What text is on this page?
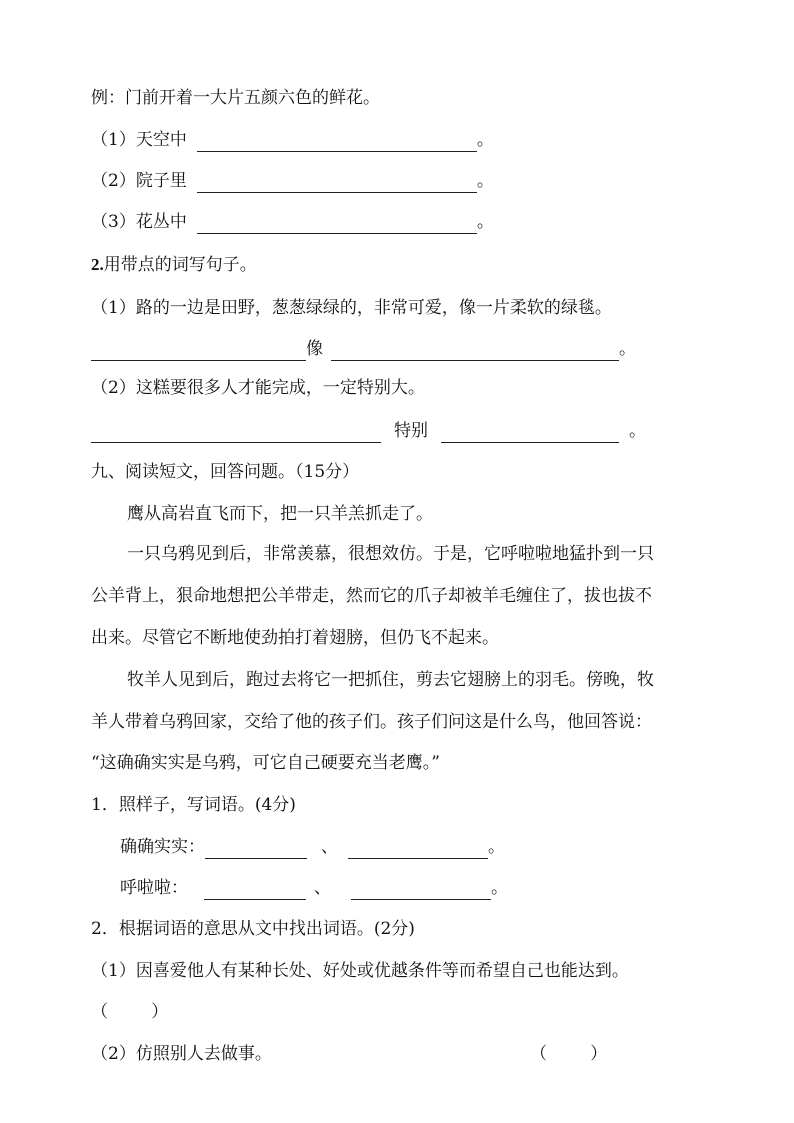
例：门前开着一大片五颜六色的鲜花。
（1）天空中	。
（2）院子里	。
（3）花丛中	。
2.用带点的词写句子。
（1）路的一边是田野，葱葱绿绿的，非常可爱，像一片柔软的绿毯。
像	。
（2）这糕要很多人才能完成，一定特别大。
特别	。
九、阅读短文，回答问题。（15分）
鹰从高岩直飞而下，把一只羊羔抓走了。
一只乌鸦见到后，非常羡慕，很想效仿。于是，它呼啦啦地猛扑到一只
公羊背上，狠命地想把公羊带走，然而它的爪子却被羊毛缠住了，拔也拔不
出来。尽管它不断地使劲拍打着翅膀，但仍飞不起来。
牧羊人见到后，跑过去将它一把抓住，剪去它翅膀上的羽毛。傍晚，牧
羊人带着乌鸦回家，交给了他的孩子们。孩子们问这是什么鸟，他回答说：
“这确确实实是乌鸦，可它自己硬要充当老鹰。”
1．照样子，写词语。(4分)
确确实实：	、	。
呼啦啦：	、	。
2．根据词语的意思从文中找出词语。(2分)
（1）因喜爱他人有某种长处、好处或优越条件等而希望自己也能达到。
（        ）
（2）仿照别人去做事。	（        ）
